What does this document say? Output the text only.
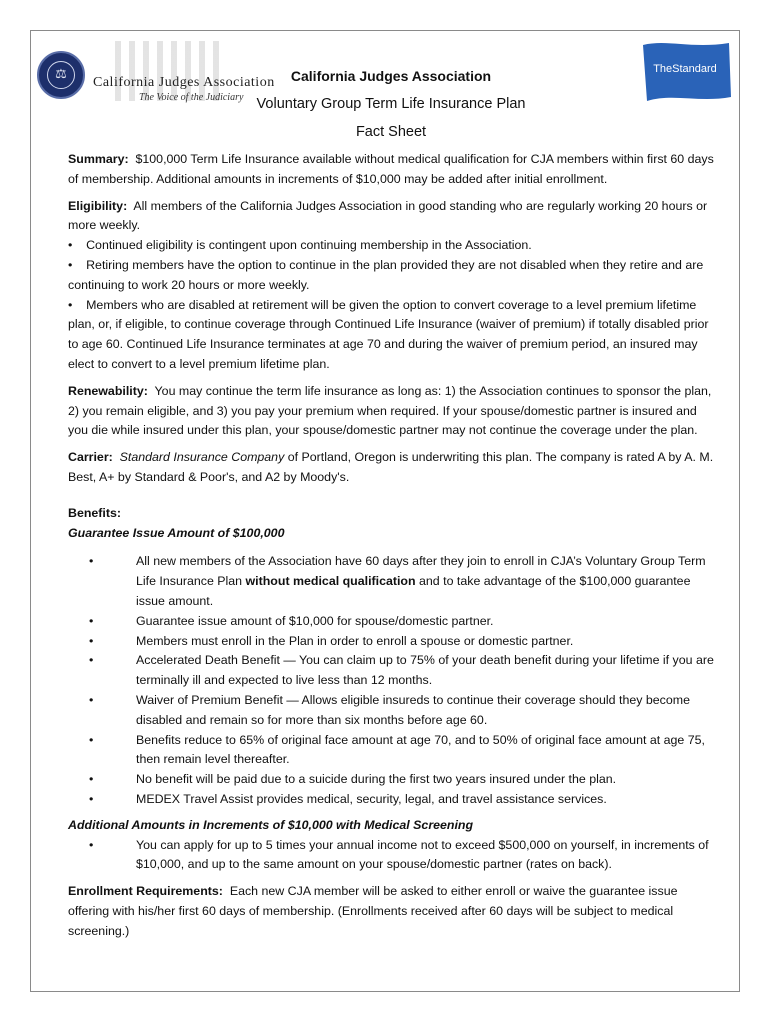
⚖
California Judges Association
The Voice of the Judiciary
TheStandard
California Judges Association
Voluntary Group Term Life Insurance Plan
Fact Sheet

Summary: $100,000 Term Life Insurance available without medical qualification for CJA members within first 60 days of membership. Additional amounts in increments of $10,000 may be added after initial enrollment.

Eligibility: All members of the California Judges Association in good standing who are regularly working 20 hours or more weekly.

•    Continued eligibility is contingent upon continuing membership in the Association.

•    Retiring members have the option to continue in the plan provided they are not disabled when they retire and are continuing to work 20 hours or more weekly.

•    Members who are disabled at retirement will be given the option to convert coverage to a level premium lifetime plan, or, if eligible, to continue coverage through Continued Life Insurance (waiver of premium) if totally disabled prior to age 60. Continued Life Insurance terminates at age 70 and during the waiver of premium period, an insured may elect to convert to a level premium lifetime plan.

Renewability: You may continue the term life insurance as long as: 1) the Association continues to sponsor the plan, 2) you remain eligible, and 3) you pay your premium when required. If your spouse/domestic partner is insured and you die while insured under this plan, your spouse/domestic partner may not continue the coverage under the plan.

Carrier: Standard Insurance Company of Portland, Oregon is underwriting this plan. The company is rated A by A. M. Best, A+ by Standard & Poor's, and A2 by Moody's.

Benefits:

Guarantee Issue Amount of $100,000

• All new members of the Association have 60 days after they join to enroll in CJA’s Voluntary Group Term Life Insurance Plan without medical qualification and to take advantage of the $100,000 guarantee issue amount.
• Guarantee issue amount of $10,000 for spouse/domestic partner.
• Members must enroll in the Plan in order to enroll a spouse or domestic partner.
• Accelerated Death Benefit — You can claim up to 75% of your death benefit during your lifetime if you are terminally ill and expected to live less than 12 months.
• Waiver of Premium Benefit — Allows eligible insureds to continue their coverage should they become disabled and remain so for more than six months before age 60.
• Benefits reduce to 65% of original face amount at age 70, and to 50% of original face amount at age 75, then remain level thereafter.
• No benefit will be paid due to a suicide during the first two years insured under the plan.
• MEDEX Travel Assist provides medical, security, legal, and travel assistance services.

Additional Amounts in Increments of $10,000 with Medical Screening

• You can apply for up to 5 times your annual income not to exceed $500,000 on yourself, in increments of $10,000, and up to the same amount on your spouse/domestic partner (rates on back).

Enrollment Requirements: Each new CJA member will be asked to either enroll or waive the guarantee issue offering with his/her first 60 days of membership. (Enrollments received after 60 days will be subject to medical screening.)
